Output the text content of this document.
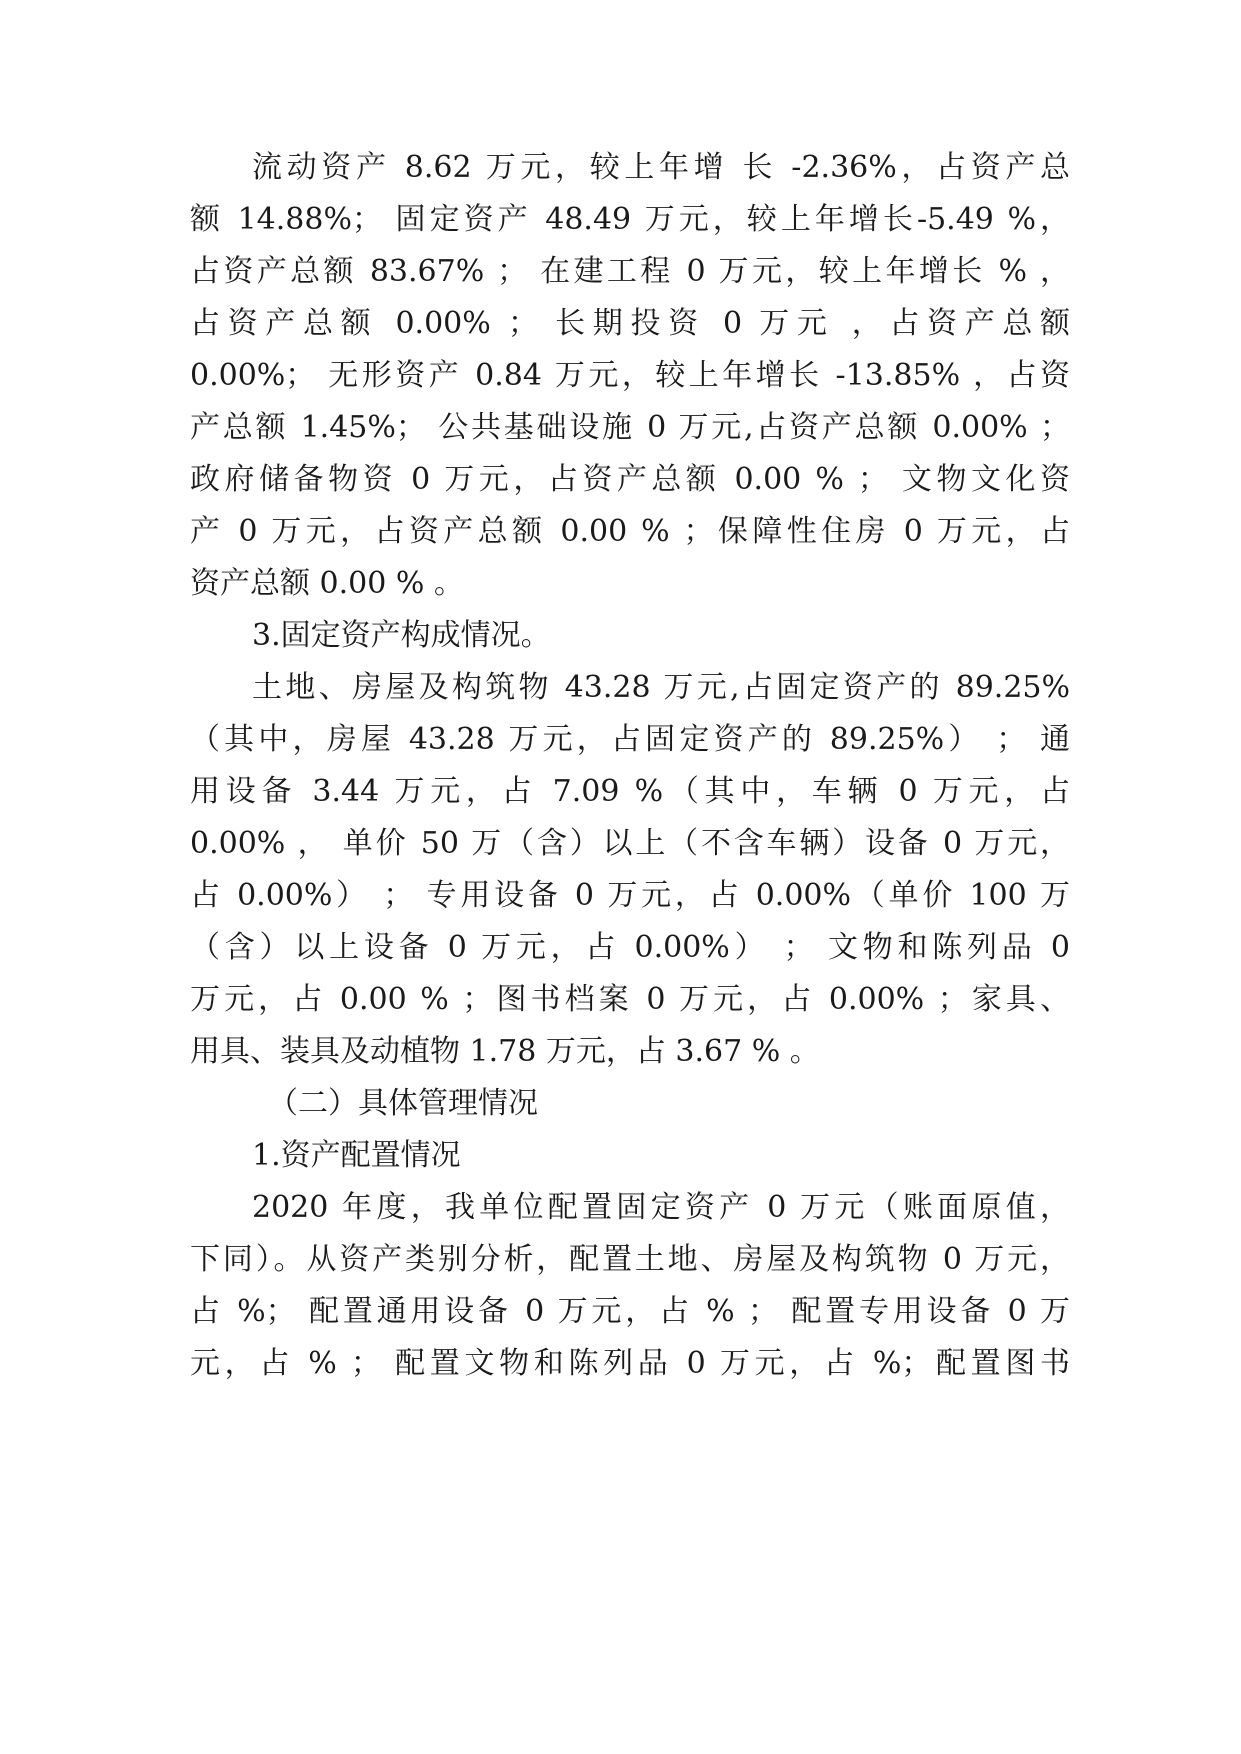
流动资产 8.62 万元，较上年增 长 -2.36%，占资产总
额 14.88%； 固定资产 48.49 万元，较上年增长-5.49 %，
占资产总额 83.67% ； 在建工程 0 万元，较上年增长 % ，
占资产总额 0.00% ； 长期投资 0 万元 ，占资产总额
0.00%； 无形资产 0.84 万元，较上年增长 -13.85% ，占资
产总额 1.45%； 公共基础设施 0 万元,占资产总额 0.00% ；
政府储备物资 0 万元，占资产总额 0.00 % ； 文物文化资
产 0 万元，占资产总额 0.00 % ；保障性住房 0 万元，占
资产总额 0.00 % 。
3.固定资产构成情况。
土地、房屋及构筑物 43.28 万元,占固定资产的 89.25%
（其中，房屋 43.28 万元，占固定资产的 89.25%） ； 通
用设备 3.44 万元，占 7.09 %（其中，车辆 0 万元，占
0.00% ， 单价 50 万（含）以上（不含车辆）设备 0 万元，
占 0.00%） ； 专用设备 0 万元，占 0.00%（单价 100 万
（含）以上设备 0 万元，占 0.00%） ； 文物和陈列品 0
万元，占 0.00 % ；图书档案 0 万元，占 0.00% ；家具、
用具、装具及动植物 1.78 万元，占 3.67 % 。
（二）具体管理情况
1.资产配置情况
2020 年度，我单位配置固定资产 0 万元（账面原值，
下同）。从资产类别分析，配置土地、房屋及构筑物 0 万元，
占 %； 配置通用设备 0 万元，占 % ； 配置专用设备 0 万
元，占 % ； 配置文物和陈列品 0 万元，占 %；配置图书
